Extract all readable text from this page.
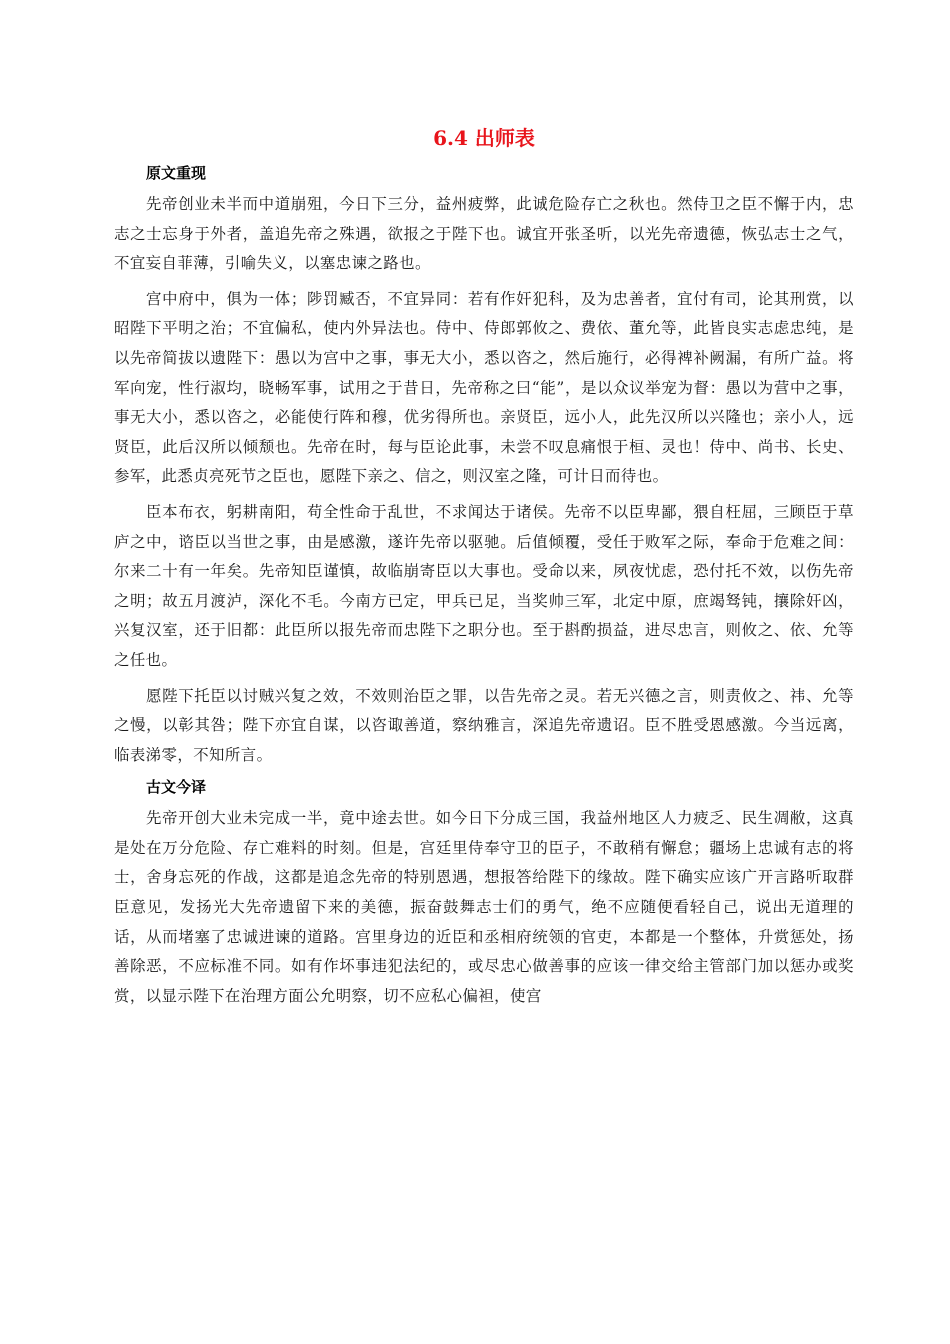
6.4 出师表
原文重现

先帝创业未半而中道崩殂，今日下三分，益州疲弊，此诚危险存亡之秋也。然侍卫之臣不懈于内，忠志之士忘身于外者，盖追先帝之殊遇，欲报之于陛下也。诚宜开张圣听，以光先帝遗德，恢弘志士之气，不宜妄自菲薄，引喻失义，以塞忠谏之路也。

宫中府中，俱为一体；陟罚臧否，不宜异同：若有作奸犯科，及为忠善者，宜付有司，论其刑赏，以昭陛下平明之治；不宜偏私，使内外异法也。侍中、侍郎郭攸之、费依、董允等，此皆良实志虑忠纯，是以先帝简拔以遗陛下：愚以为宫中之事，事无大小，悉以咨之，然后施行，必得裨补阙漏，有所广益。将军向宠，性行淑均，晓畅军事，试用之于昔日，先帝称之曰“能”，是以众议举宠为督：愚以为营中之事，事无大小，悉以咨之，必能使行阵和穆，优劣得所也。亲贤臣，远小人，此先汉所以兴隆也；亲小人，远贤臣，此后汉所以倾颓也。先帝在时，每与臣论此事，未尝不叹息痛恨于桓、灵也！侍中、尚书、长史、参军，此悉贞亮死节之臣也，愿陛下亲之、信之，则汉室之隆，可计日而待也。

臣本布衣，躬耕南阳，苟全性命于乱世，不求闻达于诸侯。先帝不以臣卑鄙，猥自枉屈，三顾臣于草庐之中，谘臣以当世之事，由是感激，遂许先帝以驱驰。后值倾覆，受任于败军之际，奉命于危难之间：尔来二十有一年矣。先帝知臣谨慎，故临崩寄臣以大事也。受命以来，夙夜忧虑，恐付托不效，以伤先帝之明；故五月渡泸，深化不毛。今南方已定，甲兵已足，当奖帅三军，北定中原，庶竭驽钝，攘除奸凶，兴复汉室，还于旧都：此臣所以报先帝而忠陛下之职分也。至于斟酌损益，进尽忠言，则攸之、依、允等之任也。

愿陛下托臣以讨贼兴复之效，不效则治臣之罪，以告先帝之灵。若无兴德之言，则责攸之、祎、允等之慢，以彰其咎；陛下亦宜自谋，以咨诹善道，察纳雅言，深追先帝遗诏。臣不胜受恩感激。今当远离，临表涕零，不知所言。

古文今译

先帝开创大业未完成一半，竟中途去世。如今日下分成三国，我益州地区人力疲乏、民生凋敝，这真是处在万分危险、存亡难料的时刻。但是，宫廷里侍奉守卫的臣子，不敢稍有懈怠；疆场上忠诚有志的将士，舍身忘死的作战，这都是追念先帝的特别恩遇，想报答给陛下的缘故。陛下确实应该广开言路听取群臣意见，发扬光大先帝遗留下来的美德，振奋鼓舞志士们的勇气，绝不应随便看轻自己，说出无道理的话，从而堵塞了忠诚进谏的道路。宫里身边的近臣和丞相府统领的官吏，本都是一个整体，升赏惩处，扬善除恶，不应标准不同。如有作坏事违犯法纪的，或尽忠心做善事的应该一律交给主管部门加以惩办或奖赏，以显示陛下在治理方面公允明察，切不应私心偏袒，使宫
